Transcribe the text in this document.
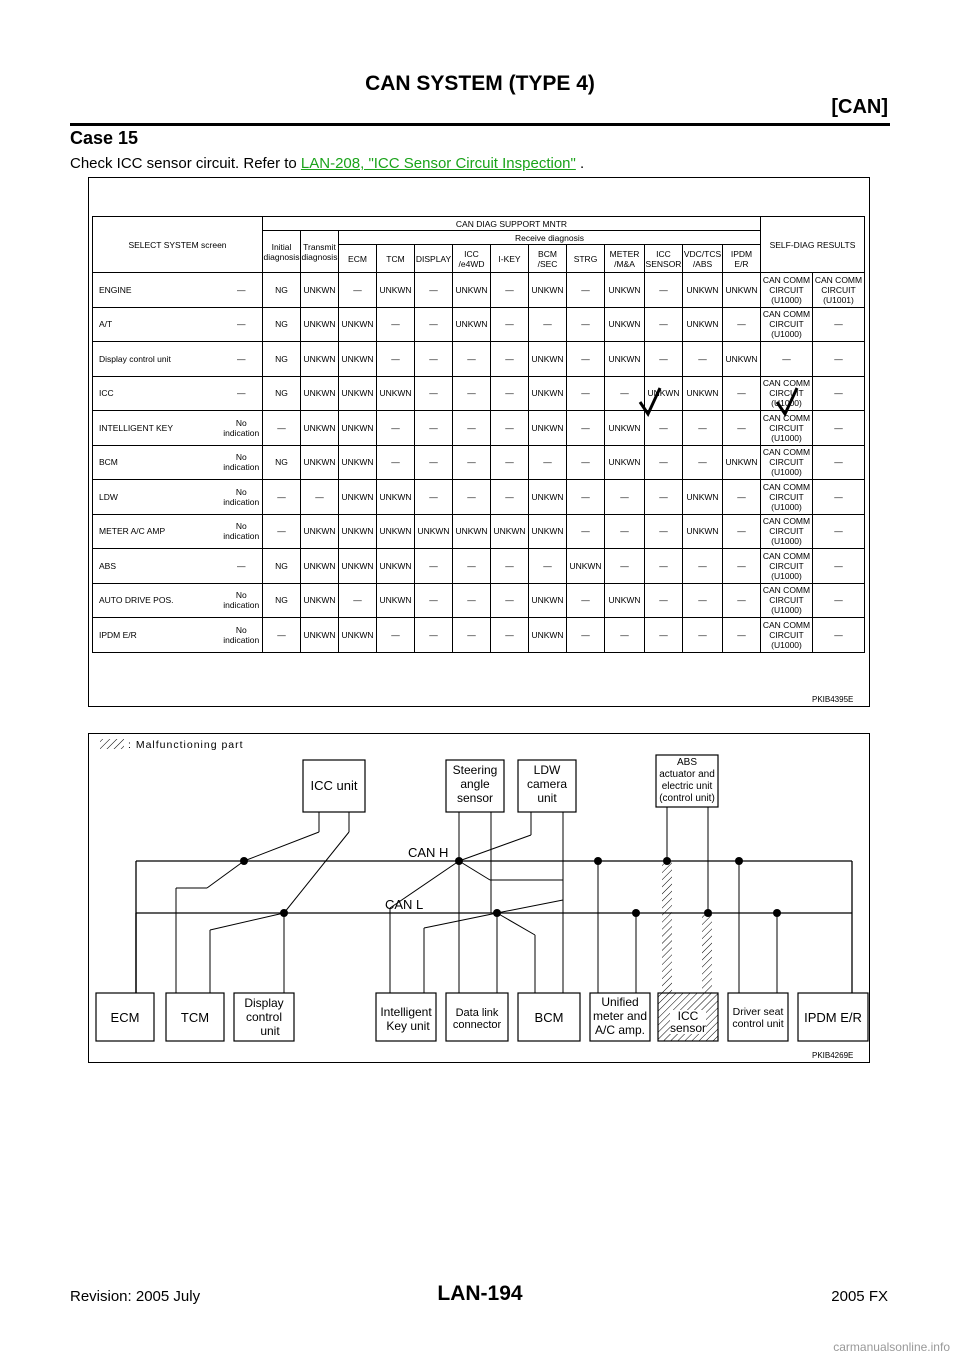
CAN SYSTEM (TYPE 4)
[CAN]
Case 15
Check ICC sensor circuit. Refer to LAN-208, "ICC Sensor Circuit Inspection" .
SELECT SYSTEM screen		CAN DIAG SUPPORT MNTR													SELF-DIAG RESULTS	
		Initial
diagnosis	Transmit
diagnosis	Receive diagnosis												
				ECM	TCM	DISPLAY	ICC
/e4WD	I-KEY	BCM
/SEC	STRG	METER
/M&A	ICC
SENSOR	VDC/TCS
/ABS	IPDM
E/R		
ENGINE	—	NG	UNKWN	—	UNKWN	—	UNKWN	—	UNKWN	—	UNKWN	—	UNKWN	UNKWN	CAN COMM
CIRCUIT
(U1000)	CAN COMM
CIRCUIT
(U1001)
A/T	—	NG	UNKWN	UNKWN	—	—	UNKWN	—	—	—	UNKWN	—	UNKWN	—	CAN COMM
CIRCUIT
(U1000)	—
Display control unit	—	NG	UNKWN	UNKWN	—	—	—	—	UNKWN	—	UNKWN	—	—	UNKWN	—	—
ICC	—	NG	UNKWN	UNKWN	UNKWN	—	—	—	UNKWN	—	—	UNKWN	UNKWN	—	CAN COMM
CIRCUIT
(U1000)	—
INTELLIGENT KEY	No
indication	—	UNKWN	UNKWN	—	—	—	—	UNKWN	—	UNKWN	—	—	—	CAN COMM
CIRCUIT
(U1000)	—
BCM	No
indication	NG	UNKWN	UNKWN	—	—	—	—	—	—	UNKWN	—	—	UNKWN	CAN COMM
CIRCUIT
(U1000)	—
LDW	No
indication	—	—	UNKWN	UNKWN	—	—	—	UNKWN	—	—	—	UNKWN	—	CAN COMM
CIRCUIT
(U1000)	—
METER A/C AMP	No
indication	—	UNKWN	UNKWN	UNKWN	UNKWN	UNKWN	UNKWN	UNKWN	—	—	—	UNKWN	—	CAN COMM
CIRCUIT
(U1000)	—
ABS	—	NG	UNKWN	UNKWN	UNKWN	—	—	—	—	UNKWN	—	—	—	—	CAN COMM
CIRCUIT
(U1000)	—
AUTO DRIVE POS.	No
indication	NG	UNKWN	—	UNKWN	—	—	—	UNKWN	—	UNKWN	—	—	—	CAN COMM
CIRCUIT
(U1000)	—
IPDM E/R	No
indication	—	UNKWN	UNKWN	—	—	—	—	UNKWN	—	—	—	—	—	CAN COMM
CIRCUIT
(U1000)	—
PKIB4395E
: Malfunctioning part
CAN H
CAN L
ICC unit
Steering
angle
sensor
LDW
camera
unit
ABS
actuator and
electric unit
(control unit)
ECM	TCM
Display
control
unit
Intelligent
Key unit
Data link
connector	BCM
Unified
meter and
A/C amp.
ICC
sensor
Driver seat
control unit IPDM E/R
PKIB4269E
Revision: 2005 July	LAN-194	2005 FX
carmanualsonline.info
